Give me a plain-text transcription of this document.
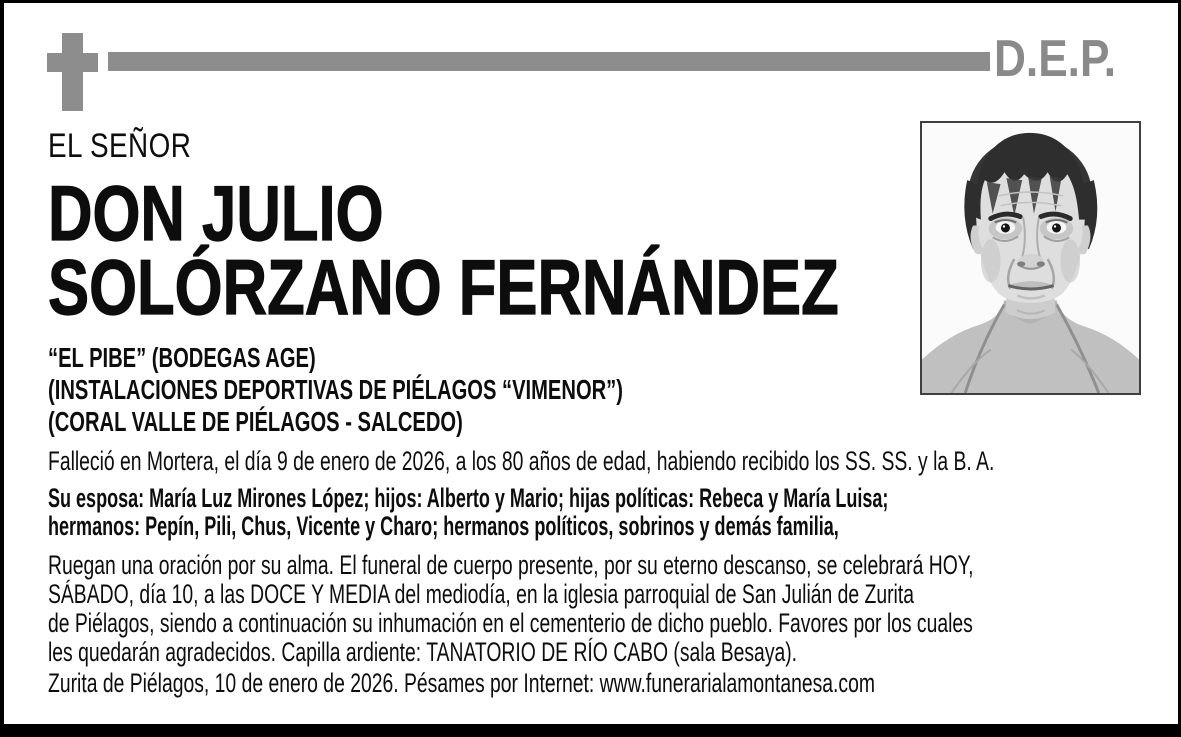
D.E.P.
EL SEÑOR
DON JULIO
SOLÓRZANO FERNÁNDEZ
“EL PIBE” (BODEGAS AGE)
(INSTALACIONES DEPORTIVAS DE PIÉLAGOS “VIMENOR”)
(CORAL VALLE DE PIÉLAGOS - SALCEDO)
Falleció en Mortera, el día 9 de enero de 2026, a los 80 años de edad, habiendo recibido los SS. SS. y la B. A.
Su esposa: María Luz Mirones López; hijos: Alberto y Mario; hijas políticas: Rebeca y María Luisa;
hermanos: Pepín, Pili, Chus, Vicente y Charo; hermanos políticos, sobrinos y demás familia,
Ruegan una oración por su alma. El funeral de cuerpo presente, por su eterno descanso, se celebrará HOY,
SÁBADO, día 10, a las DOCE Y MEDIA del mediodía, en la iglesia parroquial de San Julián de Zurita
de Piélagos, siendo a continuación su inhumación en el cementerio de dicho pueblo. Favores por los cuales
les quedarán agradecidos. Capilla ardiente: TANATORIO DE RÍO CABO (sala Besaya).
Zurita de Piélagos, 10 de enero de 2026. Pésames por Internet: www.funerarialamontanesa.com
